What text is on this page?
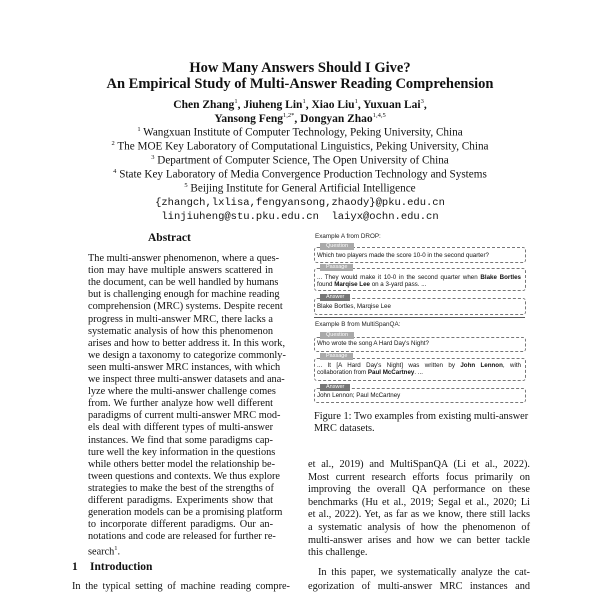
How Many Answers Should I Give?
An Empirical Study of Multi-Answer Reading Comprehension
Chen Zhang$^1$, Jiuheng Lin$^1$, Xiao Liu$^1$, Yuxuan Lai$^3$,
Yansong Feng$^{1,2*}$, Dongyan Zhao$^{1,4,5}$
$^1$ Wangxuan Institute of Computer Technology, Peking University, China
$^2$ The MOE Key Laboratory of Computational Linguistics, Peking University, China
$^3$ Department of Computer Science, The Open University of China
$^4$ State Key Laboratory of Media Convergence Production Technology and Systems
$^5$ Beijing Institute for General Artificial Intelligence
{zhangch,lxlisa,fengyansong,zhaody}@pku.edu.cn
linjiuheng@stu.pku.edu.cn  laiyx@ochn.edu.cn
Abstract
The multi-answer phenomenon, where a ques-
tion may have multiple answers scattered in
the document, can be well handled by humans
but is challenging enough for machine reading
comprehension (MRC) systems. Despite recent
progress in multi-answer MRC, there lacks a
systematic analysis of how this phenomenon
arises and how to better address it. In this work,
we design a taxonomy to categorize commonly-
seen multi-answer MRC instances, with which
we inspect three multi-answer datasets and ana-
lyze where the multi-answer challenge comes
from. We further analyze how well different
paradigms of current multi-answer MRC mod-
els deal with different types of multi-answer
instances. We find that some paradigms cap-
ture well the key information in the questions
while others better model the relationship be-
tween questions and contexts. We thus explore
strategies to make the best of the strengths of
different paradigms. Experiments show that
generation models can be a promising platform
to incorporate different paradigms. Our an-
notations and code are released for further re-
search$^1$.
1 Introduction
In the typical setting of machine reading compre-
et al., 2019) and MultiSpanQA (Li et al., 2022).
Most current research efforts focus primarily on
improving the overall QA performance on these
benchmarks (Hu et al., 2019; Segal et al., 2020; Li
et al., 2022). Yet, as far as we know, there still lacks
a systematic analysis of how the phenomenon of
multi-answer arises and how we can better tackle
this challenge.
In this paper, we systematically analyze the cat-
egorization of multi-answer MRC instances and
Example A from DROP:
Question
Which two players made the score 10-0 in the second quarter?
Passage
... They would make it 10-0 in the second quarter when Blake Bortles
found Marqise Lee on a 3-yard pass. ...
Answer
Blake Bortles, Marqise Lee
Example B from MultiSpanQA:
Question
Who wrote the song A Hard Day's Night?
Passage
... It [A Hard Day's Night] was written by John Lennon, with
collaboration from Paul McCartney. ...
Answer
John Lennon; Paul McCartney
Figure 1: Two examples from existing multi-answer
MRC datasets.
